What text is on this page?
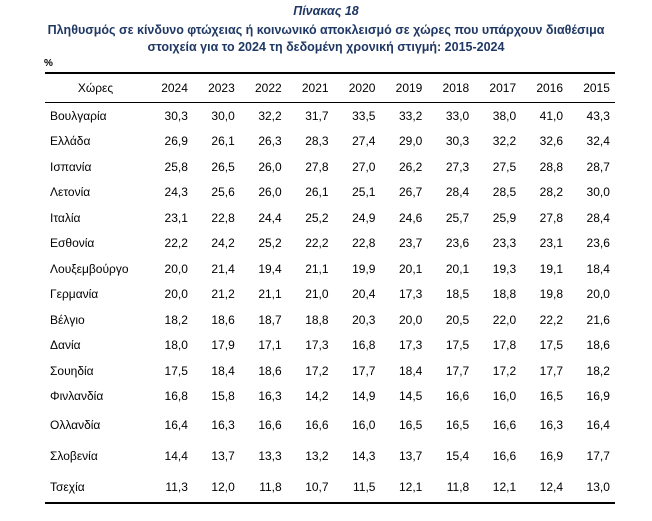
Πίνακας 18
Πληθυσμός σε κίνδυνο φτώχειας ή κοινωνικό αποκλεισμό σε χώρες που υπάρχουν διαθέσιμα
στοιχεία για το 2024 τη δεδομένη χρονική στιγμή: 2015-2024
%
Χώρες	2024	2023	2022	2021	2020	2019	2018	2017	2016	2015
Βουλγαρία	30,3	30,0	32,2	31,7	33,5	33,2	33,0	38,0	41,0	43,3
Ελλάδα	26,9	26,1	26,3	28,3	27,4	29,0	30,3	32,2	32,6	32,4
Ισπανία	25,8	26,5	26,0	27,8	27,0	26,2	27,3	27,5	28,8	28,7
Λετονία	24,3	25,6	26,0	26,1	25,1	26,7	28,4	28,5	28,2	30,0
Ιταλία	23,1	22,8	24,4	25,2	24,9	24,6	25,7	25,9	27,8	28,4
Εσθονία	22,2	24,2	25,2	22,2	22,8	23,7	23,6	23,3	23,1	23,6
Λουξεμβούργο	20,0	21,4	19,4	21,1	19,9	20,1	20,1	19,3	19,1	18,4
Γερμανία	20,0	21,2	21,1	21,0	20,4	17,3	18,5	18,8	19,8	20,0
Βέλγιο	18,2	18,6	18,7	18,8	20,3	20,0	20,5	22,0	22,2	21,6
Δανία	18,0	17,9	17,1	17,3	16,8	17,3	17,5	17,8	17,5	18,6
Σουηδία	17,5	18,4	18,6	17,2	17,7	18,4	17,7	17,2	17,7	18,2
Φινλανδία	16,8	15,8	16,3	14,2	14,9	14,5	16,6	16,0	16,5	16,9
Ολλανδία	16,4	16,3	16,6	16,6	16,0	16,5	16,5	16,6	16,3	16,4
Σλοβενία	14,4	13,7	13,3	13,2	14,3	13,7	15,4	16,6	16,9	17,7
Τσεχία	11,3	12,0	11,8	10,7	11,5	12,1	11,8	12,1	12,4	13,0
